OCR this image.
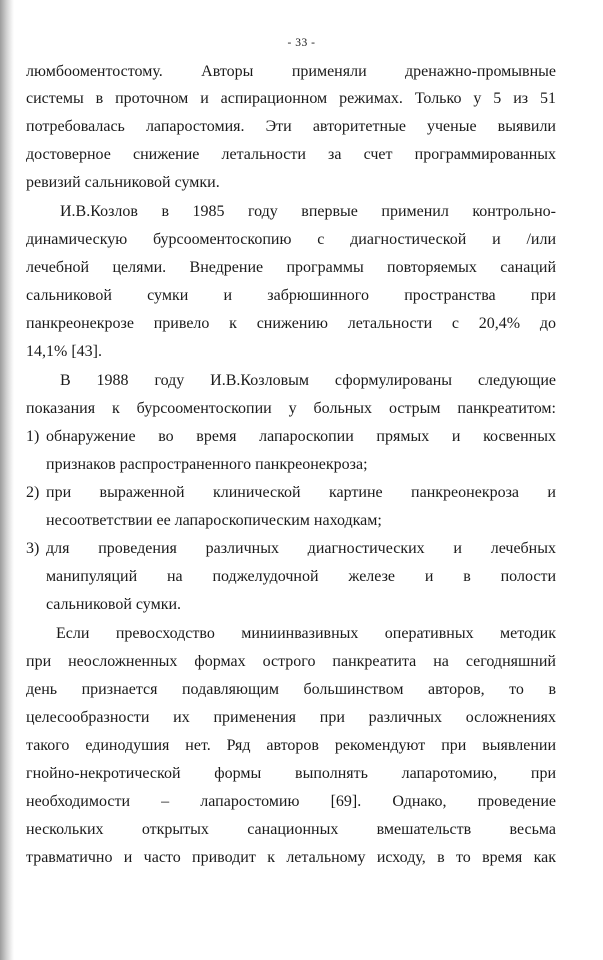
- 33 -
люмбооментостому. Авторы применяли дренажно-промывные
системы в проточном и аспирационном режимах. Только у 5 из 51
потребовалась лапаростомия. Эти авторитетные ученые выявили
достоверное снижение летальности за счет программированных
ревизий сальниковой сумки.
И.В.Козлов в 1985 году впервые применил контрольно-
динамическую бурсооментоскопию с диагностической и /или
лечебной целями. Внедрение программы повторяемых санаций
сальниковой сумки и забрюшинного пространства при
панкреонекрозе привело к снижению летальности с 20,4% до
14,1% [43].
В 1988 году И.В.Козловым сформулированы следующие
показания к бурсооментоскопии у больных острым панкреатитом:
1) обнаружение во время лапароскопии прямых и косвенных
признаков распространенного панкреонекроза;
2) при выраженной клинической картине панкреонекроза и
несоответствии ее лапароскопическим находкам;
3) для проведения различных диагностических и лечебных
манипуляций на поджелудочной железе и в полости
сальниковой сумки.
Если превосходство миниинвазивных оперативных методик
при неосложненных формах острого панкреатита на сегодняшний
день признается подавляющим большинством авторов, то в
целесообразности их применения при различных осложнениях
такого единодушия нет. Ряд авторов рекомендуют при выявлении
гнойно-некротической формы выполнять лапаротомию, при
необходимости – лапаростомию [69]. Однако, проведение
нескольких открытых санационных вмешательств весьма
травматично и часто приводит к летальному исходу, в то время как
